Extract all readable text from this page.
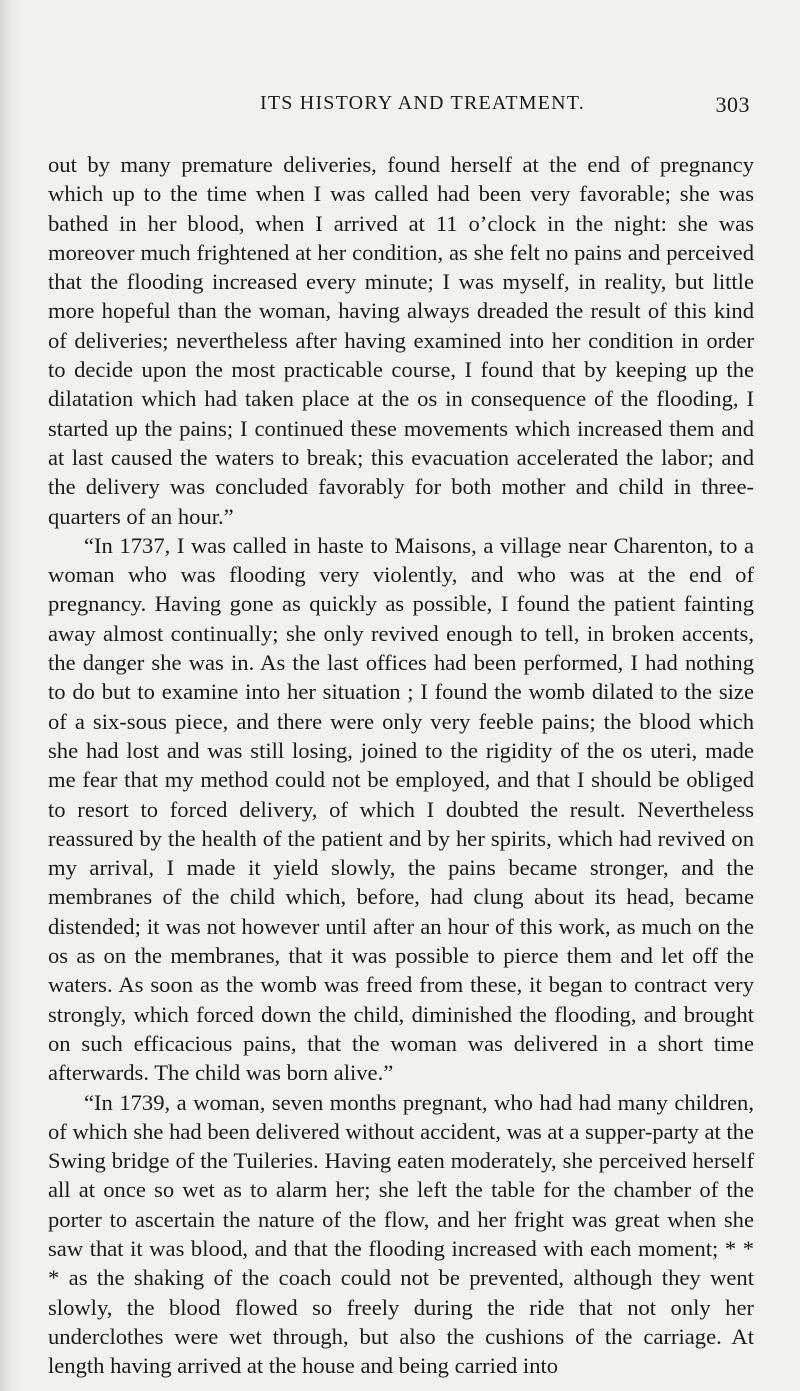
ITS HISTORY AND TREATMENT.	303

out by many premature deliveries, found herself at the end of pregnancy which up to the time when I was called had been very favorable; she was bathed in her blood, when I arrived at 11 o’clock in the night: she was moreover much frightened at her condition, as she felt no pains and perceived that the flooding increased every minute; I was myself, in reality, but little more hopeful than the woman, having always dreaded the result of this kind of deliveries; nevertheless after having examined into her condition in order to decide upon the most practicable course, I found that by keeping up the dilatation which had taken place at the os in consequence of the flooding, I started up the pains; I continued these movements which increased them and at last caused the waters to break; this evacuation accelerated the labor; and the delivery was concluded favorably for both mother and child in three-quarters of an hour.”

“In 1737, I was called in haste to Maisons, a village near Charenton, to a woman who was flooding very violently, and who was at the end of pregnancy. Having gone as quickly as possible, I found the patient fainting away almost continually; she only revived enough to tell, in broken accents, the danger she was in. As the last offices had been performed, I had nothing to do but to examine into her situation ; I found the womb dilated to the size of a six-sous piece, and there were only very feeble pains; the blood which she had lost and was still losing, joined to the rigidity of the os uteri, made me fear that my method could not be employed, and that I should be obliged to resort to forced delivery, of which I doubted the result. Nevertheless reassured by the health of the patient and by her spirits, which had revived on my arrival, I made it yield slowly, the pains became stronger, and the membranes of the child which, before, had clung about its head, became distended; it was not however until after an hour of this work, as much on the os as on the membranes, that it was possible to pierce them and let off the waters. As soon as the womb was freed from these, it began to contract very strongly, which forced down the child, diminished the flooding, and brought on such efficacious pains, that the woman was delivered in a short time afterwards. The child was born alive.”

“In 1739, a woman, seven months pregnant, who had had many children, of which she had been delivered without accident, was at a supper-party at the Swing bridge of the Tuileries. Having eaten moderately, she perceived herself all at once so wet as to alarm her; she left the table for the chamber of the porter to ascertain the nature of the flow, and her fright was great when she saw that it was blood, and that the flooding increased with each moment; * * * as the shaking of the coach could not be prevented, although they went slowly, the blood flowed so freely during the ride that not only her underclothes were wet through, but also the cushions of the carriage. At length having arrived at the house and being carried into
